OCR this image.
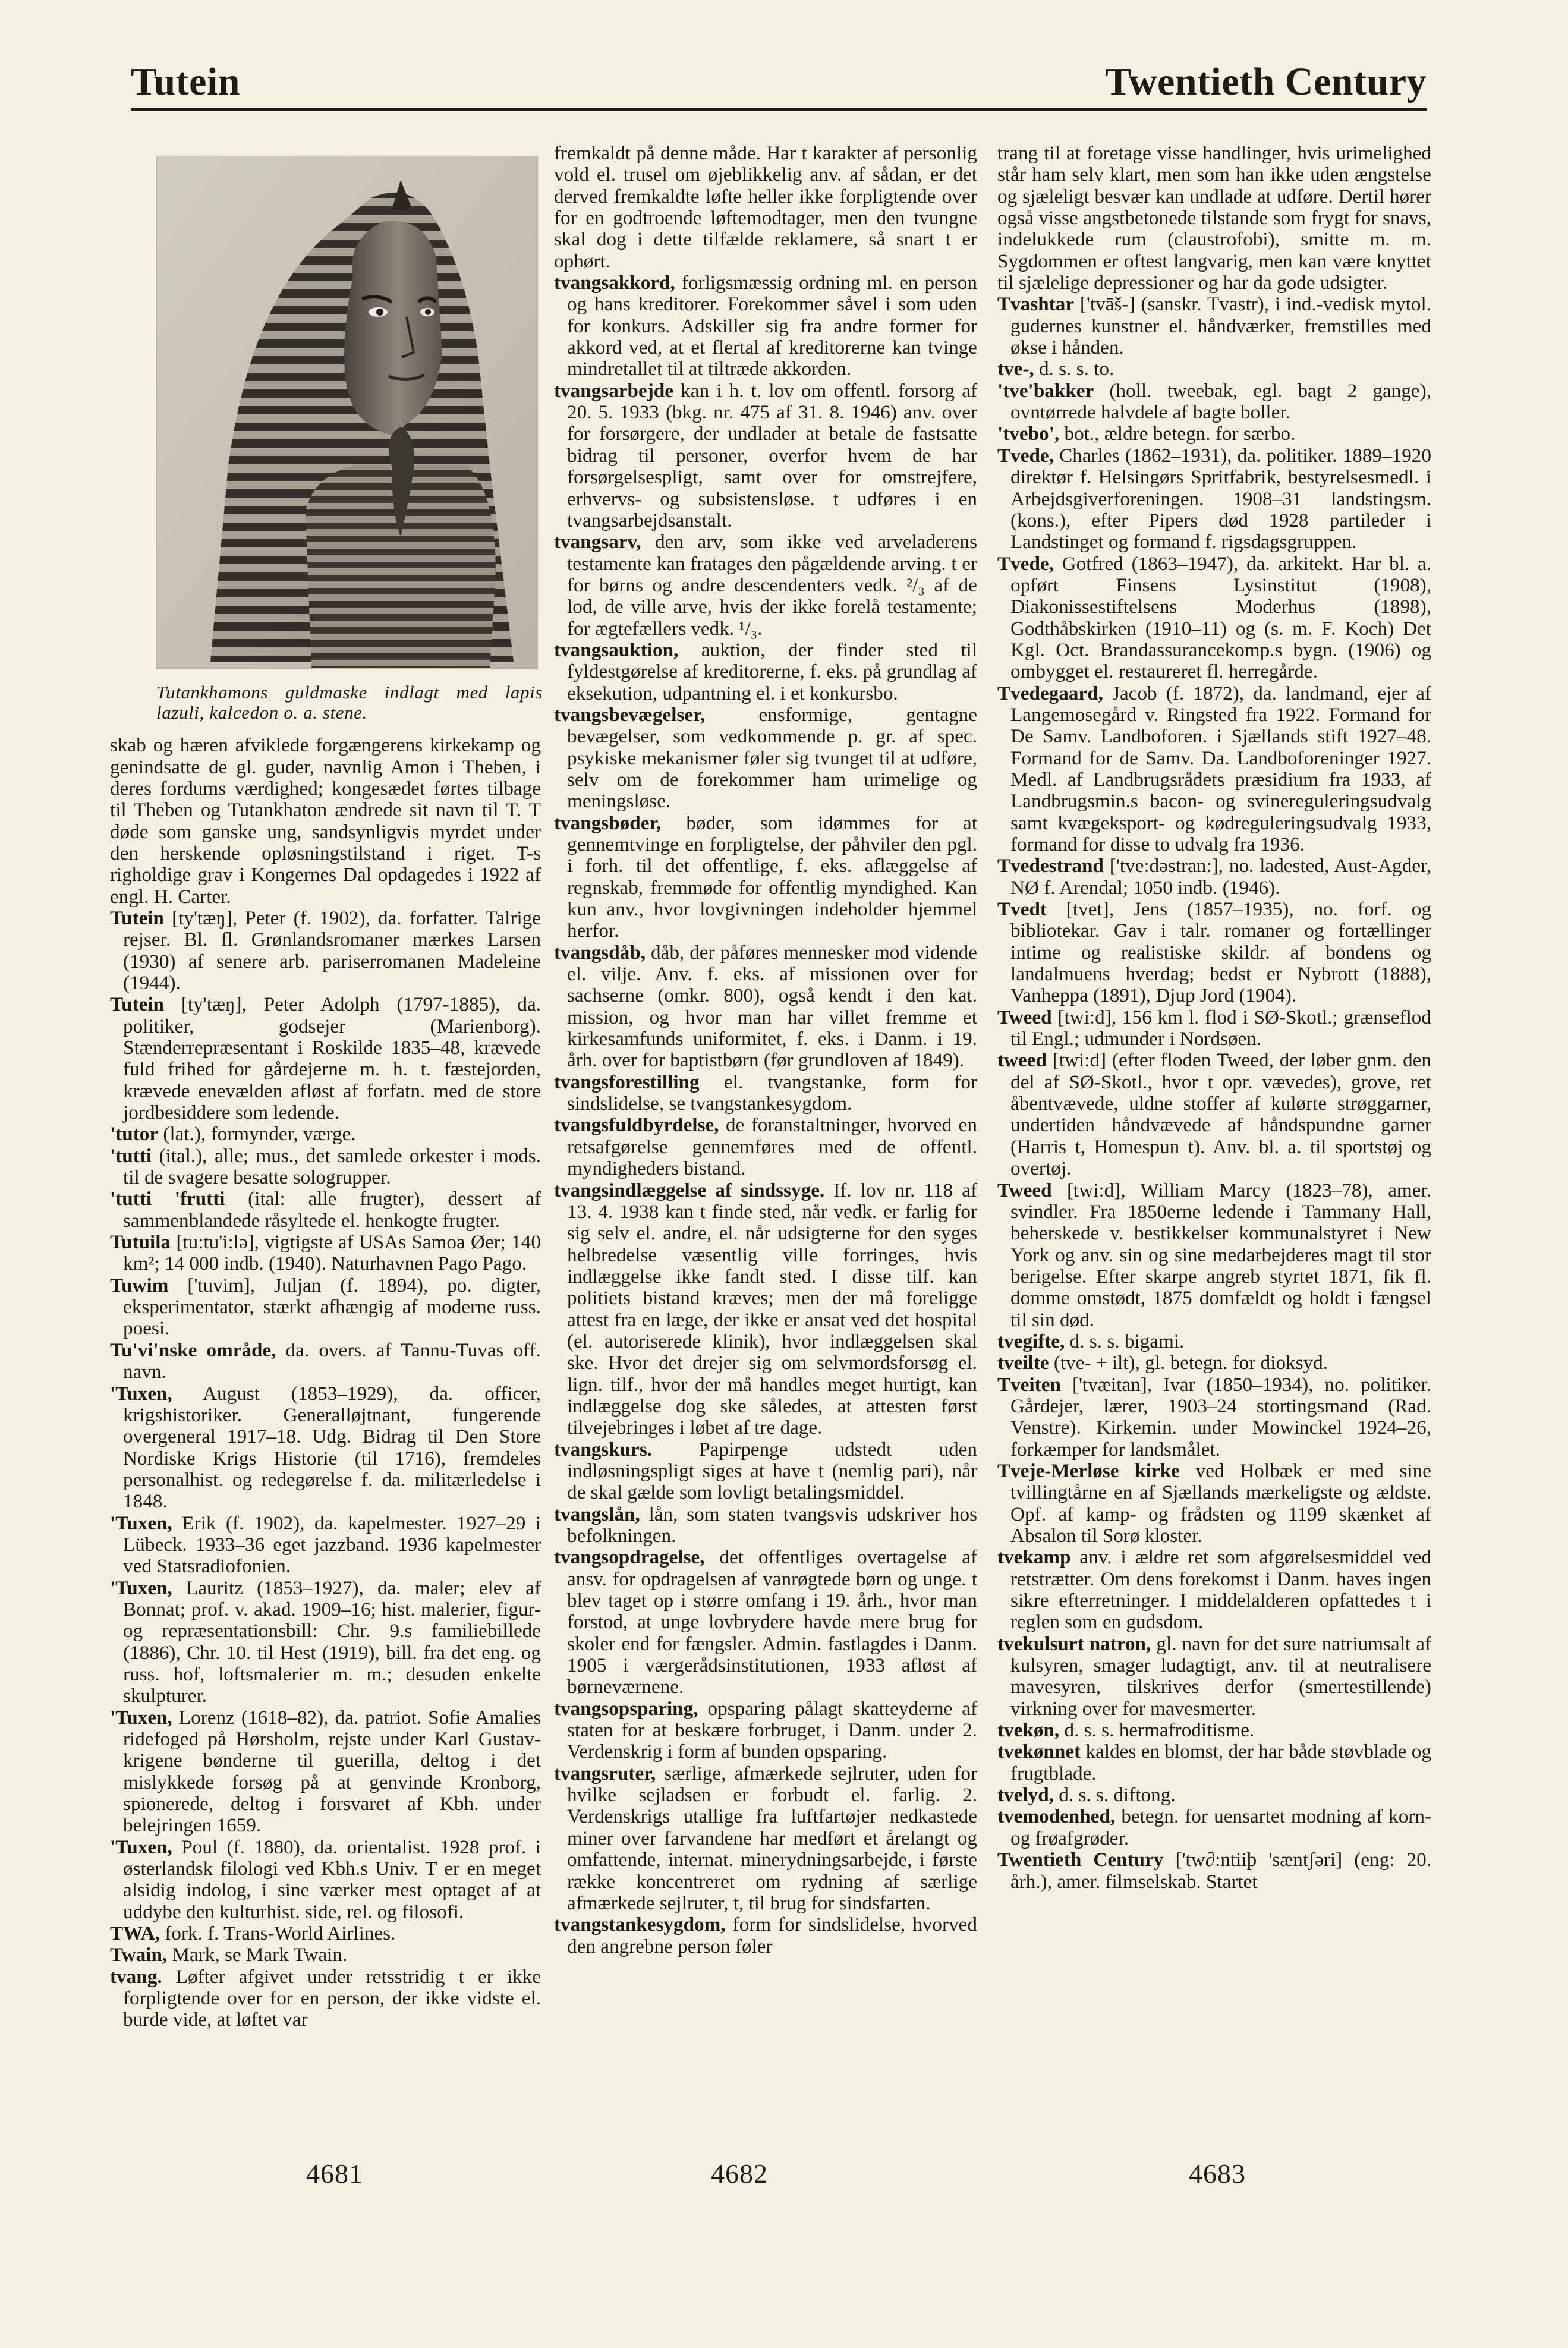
Tutein	Twentieth Century
Tutankhamons guldmaske indlagt med lapis lazuli, kalcedon o. a. stene.

skab og hæren afviklede forgængerens kirkekamp og genindsatte de gl. guder, navnlig Amon i Theben, i deres fordums værdighed; kongesædet førtes tilbage til Theben og Tutankhaton ændrede sit navn til T. T døde som ganske ung, sandsynligvis myrdet under den herskende opløsningstilstand i riget. T-s righoldige grav i Kongernes Dal opdagedes i 1922 af engl. H. Carter.

Tutein [ty'tæŋ], Peter (f. 1902), da. forfatter. Talrige rejser. Bl. fl. Grønlandsromaner mærkes Larsen (1930) af senere arb. pariserromanen Madeleine (1944).

Tutein [ty'tæŋ], Peter Adolph (1797-1885), da. politiker, godsejer (Marienborg). Stænderrepræsentant i Roskilde 1835–48, krævede fuld frihed for gårdejerne m. h. t. fæstejorden, krævede enevælden afløst af forfatn. med de store jordbesiddere som ledende.

'tutor (lat.), formynder, værge.

'tutti (ital.), alle; mus., det samlede orkester i mods. til de svagere besatte sologrupper.

'tutti 'frutti (ital: alle frugter), dessert af sammenblandede råsyltede el. henkogte frugter.

Tutuila [tu:tu'i:lə], vigtigste af USAs Samoa Øer; 140 km²; 14 000 indb. (1940). Naturhavnen Pago Pago.

Tuwim ['tuvim], Juljan (f. 1894), po. digter, eksperimentator, stærkt afhængig af moderne russ. poesi.

Tu'vi'nske område, da. overs. af Tannu-Tuvas off. navn.

'Tuxen, August (1853–1929), da. officer, krigshistoriker. Generalløjtnant, fungerende overgeneral 1917–18. Udg. Bidrag til Den Store Nordiske Krigs Historie (til 1716), fremdeles personalhist. og redegørelse f. da. militærledelse i 1848.

'Tuxen, Erik (f. 1902), da. kapelmester. 1927–29 i Lübeck. 1933–36 eget jazzband. 1936 kapelmester ved Statsradiofonien.

'Tuxen, Lauritz (1853–1927), da. maler; elev af Bonnat; prof. v. akad. 1909–16; hist. malerier, figur- og repræsentationsbill: Chr. 9.s familiebillede (1886), Chr. 10. til Hest (1919), bill. fra det eng. og russ. hof, loftsmalerier m. m.; desuden enkelte skulpturer.

'Tuxen, Lorenz (1618–82), da. patriot. Sofie Amalies ridefoged på Hørsholm, rejste under Karl Gustav-krigene bønderne til guerilla, deltog i det mislykkede forsøg på at genvinde Kronborg, spionerede, deltog i forsvaret af Kbh. under belejringen 1659.

'Tuxen, Poul (f. 1880), da. orientalist. 1928 prof. i østerlandsk filologi ved Kbh.s Univ. T er en meget alsidig indolog, i sine værker mest optaget af at uddybe den kulturhist. side, rel. og filosofi.

TWA, fork. f. Trans-World Airlines.

Twain, Mark, se Mark Twain.

tvang. Løfter afgivet under retsstridig t er ikke forpligtende over for en person, der ikke vidste el. burde vide, at løftet var

fremkaldt på denne måde. Har t karakter af personlig vold el. trusel om øjeblikkelig anv. af sådan, er det derved fremkaldte løfte heller ikke forpligtende over for en godtroende løftemodtager, men den tvungne skal dog i dette tilfælde reklamere, så snart t er ophørt.

tvangsakkord, forligsmæssig ordning ml. en person og hans kreditorer. Forekommer såvel i som uden for konkurs. Adskiller sig fra andre former for akkord ved, at et flertal af kreditorerne kan tvinge mindretallet til at tiltræde akkorden.

tvangsarbejde kan i h. t. lov om offentl. forsorg af 20. 5. 1933 (bkg. nr. 475 af 31. 8. 1946) anv. over for forsørgere, der undlader at betale de fastsatte bidrag til personer, overfor hvem de har forsørgelsespligt, samt over for omstrejfere, erhvervs- og subsistensløse. t udføres i en tvangsarbejdsanstalt.

tvangsarv, den arv, som ikke ved arvеladerens testamente kan fratages den pågældende arving. t er for børns og andre descendenters vedk. ²/₃ af de lod, de ville arve, hvis der ikke forelå testamente; for ægtefællers vedk. ¹/₃.

tvangsauktion, auktion, der finder sted til fyldestgørelse af kreditorerne, f. eks. på grundlag af eksekution, udpantning el. i et konkursbo.

tvangsbevægelser, ensformige, gentagne bevægelser, som vedkommende p. gr. af spec. psykiske mekanismer føler sig tvunget til at udføre, selv om de forekommer ham urimelige og meningsløse.

tvangsbøder, bøder, som idømmes for at gennemtvinge en forpligtelse, der påhviler den pgl. i forh. til det offentlige, f. eks. aflæggelse af regnskab, fremmøde for offentlig myndighed. Kan kun anv., hvor lovgivningen indeholder hjemmel herfor.

tvangsdåb, dåb, der påføres mennesker mod vidende el. vilje. Anv. f. eks. af missionen over for sachserne (omkr. 800), også kendt i den kat. mission, og hvor man har villet fremme et kirkesamfunds uniformitet, f. eks. i Danm. i 19. årh. over for baptistbørn (før grundloven af 1849).

tvangsforestilling el. tvangstanke, form for sindslidelse, se tvangstankesygdom.

tvangsfuldbyrdelse, de foranstaltninger, hvorved en retsafgørelse gennemføres med de offentl. myndigheders bistand.

tvangsindlæggelse af sindssyge. If. lov nr. 118 af 13. 4. 1938 kan t finde sted, når vedk. er farlig for sig selv el. andre, el. når udsigterne for den syges helbredelse væsentlig ville forringes, hvis indlæggelse ikke fandt sted. I disse tilf. kan politiets bistand kræves; men der må foreligge attest fra en læge, der ikke er ansat ved det hospital (el. autoriserede klinik), hvor indlæggelsen skal ske. Hvor det drejer sig om selvmordsforsøg el. lign. tilf., hvor der må handles meget hurtigt, kan indlæggelse dog ske således, at attesten først tilvejebringes i løbet af tre dage.

tvangskurs. Papirpenge udstedt uden indløsningspligt siges at have t (nemlig pari), når de skal gælde som lovligt betalingsmiddel.

tvangslån, lån, som staten tvangsvis udskriver hos befolkningen.

tvangsopdragelse, det offentliges overtagelse af ansv. for opdragelsen af vanrøgtede børn og unge. t blev taget op i større omfang i 19. årh., hvor man forstod, at unge lovbrydere havde mere brug for skoler end for fængsler. Admin. fastlagdes i Danm. 1905 i værgerådsinstitutionen, 1933 afløst af børneværnene.

tvangsopsparing, opsparing pålagt skatteyderne af staten for at beskære forbruget, i Danm. under 2. Verdenskrig i form af bunden opsparing.

tvangsruter, særlige, afmærkede sejlruter, uden for hvilke sejladsen er forbudt el. farlig. 2. Verdenskrigs utallige fra luftfartøjer nedkastede miner over farvandene har medført et årelangt og omfattende, internat. minerydningsarbejde, i første række koncentreret om rydning af særlige afmærkede sejlruter, t, til brug for sindsfarten.

tvangstankesygdom, form for sindslidelse, hvorved den angrebne person føler

trang til at foretage visse handlinger, hvis urimelighed står ham selv klart, men som han ikke uden ængstelse og sjæleligt besvær kan undlade at udføre. Dertil hører også visse angstbetonede tilstande som frygt for snavs, indelukkede rum (claustrofobi), smitte m. m. Sygdommen er oftest langvarig, men kan være knyttet til sjælelige depressioner og har da gode udsigter.

Tvashtar ['tvāš-] (sanskr. Tvastr), i ind.-vedisk mytol. gudernes kunstner el. håndværker, fremstilles med økse i hånden.

tve-, d. s. s. to.

'tve'bakker (holl. tweebak, egl. bagt 2 gange), ovntørrede halvdele af bagte boller.

'tvebo', bot., ældre betegn. for særbo.

Tvede, Charles (1862–1931), da. politiker. 1889–1920 direktør f. Helsingørs Spritfabrik, bestyrelsesmedl. i Arbejdsgiverforeningen. 1908–31 landstingsm. (kons.), efter Pipers død 1928 partileder i Landstinget og formand f. rigsdagsgruppen.

Tvede, Gotfred (1863–1947), da. arkitekt. Har bl. a. opført Finsens Lysinstitut (1908), Diakonissestiftelsens Moderhus (1898), Godthåbskirken (1910–11) og (s. m. F. Koch) Det Kgl. Oct. Brandassurancekomp.s bygn. (1906) og ombygget el. restaureret fl. herregårde.

Tvedegaard, Jacob (f. 1872), da. landmand, ejer af Langemosegård v. Ringsted fra 1922. Formand for De Samv. Landboforen. i Sjællands stift 1927–48. Formand for de Samv. Da. Landboforeninger 1927. Medl. af Landbrugsrådets præsidium fra 1933, af Landbrugsmin.s bacon- og svinereguleringsudvalg samt kvægeksport- og kødreguleringsudvalg 1933, formand for disse to udvalg fra 1936.

Tvedestrand ['tve:dəstran:], no. ladested, Aust-Agder, NØ f. Arendal; 1050 indb. (1946).

Tvedt [tvet], Jens (1857–1935), no. forf. og bibliotekar. Gav i talr. romaner og fortællinger intime og realistiske skildr. af bondens og landalmuens hverdag; bedst er Nybrott (1888), Vanheppa (1891), Djup Jord (1904).

Tweed [twi:d], 156 km l. flod i SØ-Skotl.; grænseflod til Engl.; udmunder i Nordsøen.

tweed [twi:d] (efter floden Tweed, der løber gnm. den del af SØ-Skotl., hvor t opr. vævedes), grove, ret åbentvævede, uldne stoffer af kulørte strøggarner, undertiden håndvævede af håndspundne garner (Harris t, Homespun t). Anv. bl. a. til sportstøj og overtøj.

Tweed [twi:d], William Marcy (1823–78), amer. svindler. Fra 1850erne ledende i Tammany Hall, beherskede v. bestikkelser kommunalstyret i New York og anv. sin og sine medarbejderes magt til stor berigelse. Efter skarpe angreb styrtet 1871, fik fl. domme omstødt, 1875 domfældt og holdt i fængsel til sin død.

tvegifte, d. s. s. bigami.

tveilte (tve- + ilt), gl. betegn. for dioksyd.

Tveiten ['tvæitan], Ivar (1850–1934), no. politiker. Gårdejer, lærer, 1903–24 stortingsmand (Rad. Venstre). Kirkemin. under Mowinckel 1924–26, forkæmper for landsmålet.

Tveje-Merløse kirke ved Holbæk er med sine tvillingtårne en af Sjællands mærkeligste og ældste. Opf. af kamp- og frådsten og 1199 skænket af Absalon til Sorø kloster.

tvekamp anv. i ældre ret som afgørelsesmiddel ved retstrætter. Om dens forekomst i Danm. haves ingen sikre efterretninger. I middelalderen opfattedes t i reglen som en gudsdom.

tvekulsurt natron, gl. navn for det sure natriumsalt af kulsyren, smager ludagtigt, anv. til at neutralisere mavesyren, tilskrives derfor (smertestillende) virkning over for mavesmerter.

tvekøn, d. s. s. hermafroditisme.

tvekønnet kaldes en blomst, der har både støvblade og frugtblade.

tvelyd, d. s. s. diftong.

tvemodenhed, betegn. for uensartet modning af korn- og frøafgrøder.

Twentieth Century ['tw∂:ntiiþ 'sæntʃəri] (eng: 20. årh.), amer. filmselskab. Startet

4681	4682	4683
